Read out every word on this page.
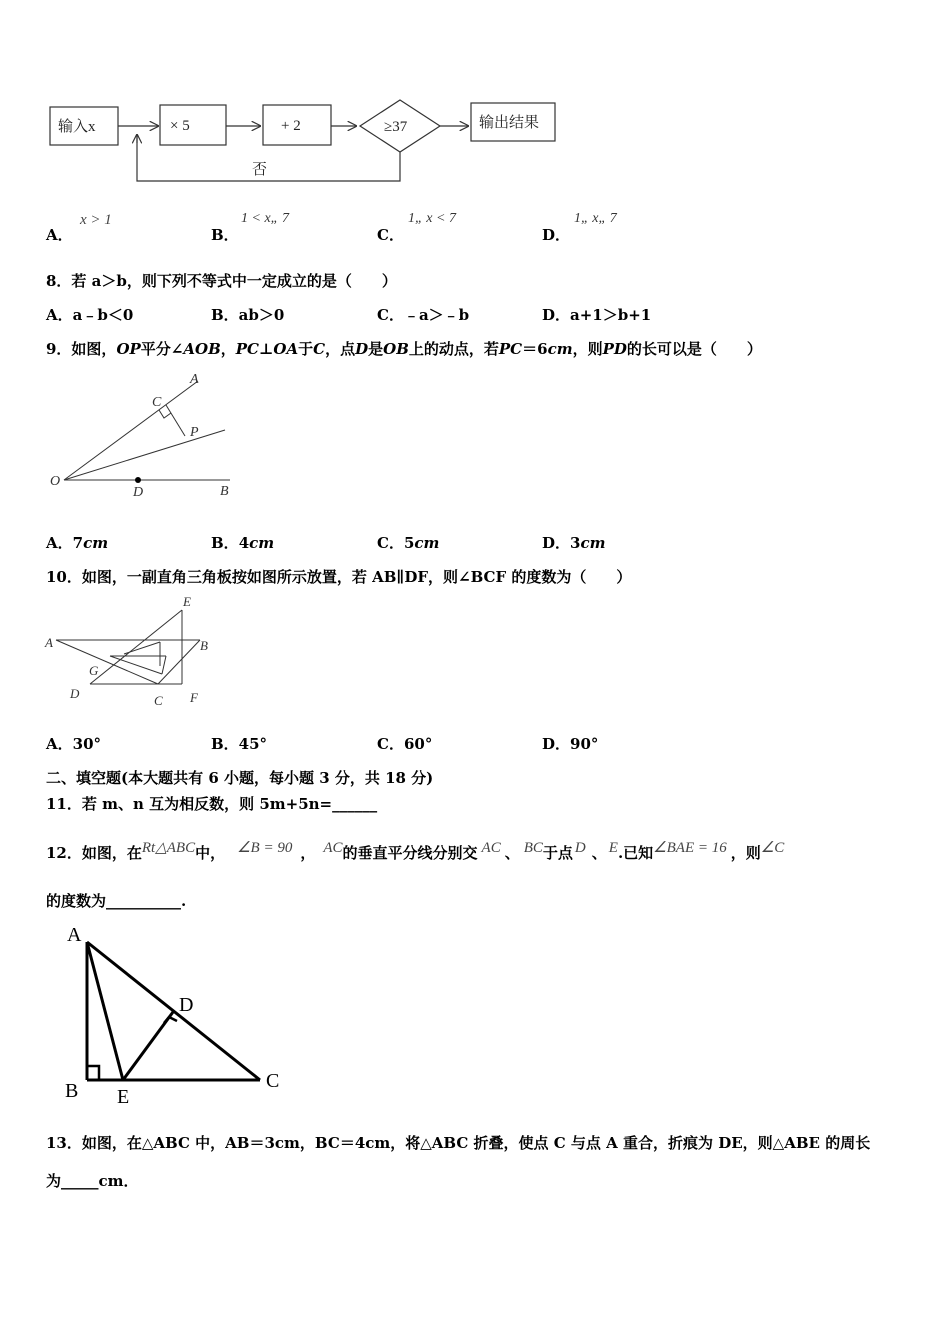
输入x	× 5	+ 2	≥37	输出结果
否
A．
x > 1
B．
1 < x„ 7
C．
1„ x < 7
D．
1„ x„ 7
8．若 a＞b，则下列不等式中一定成立的是（　　）
A．a﹣b＜0	B．ab＞0	C．﹣a＞﹣b	D．a+1＞b+1
9．如图，OP平分∠AOB，PC⊥OA于C，点D是OB上的动点，若PC＝6cm，则PD的长可以是（　　）
A
C
P
O
D	B
A．7cm	B．4cm	C．5cm	D．3cm
10．如图，一副直角三角板按如图所示放置，若 AB∥DF，则∠BCF 的度数为（　　）
E
A	B
G
D	C F
A．30°	B．45°	C．60°	D．90°
二、填空题(本大题共有 6 小题，每小题 3 分，共 18 分)
11．若 m、n 互为相反数，则 5m+5n=______
12．如图，在Rt△ABC中， ∠B = 90 ， AC的垂直平分线分别交 AC 、 BC于点 D 、 E.已知∠BAE = 16 ，则∠C
的度数为__________.
A
D
B E
C
13．如图，在△ABC 中，AB＝3cm，BC＝4cm，将△ABC 折叠，使点 C 与点 A 重合，折痕为 DE，则△ABE 的周长
为_____cm．
